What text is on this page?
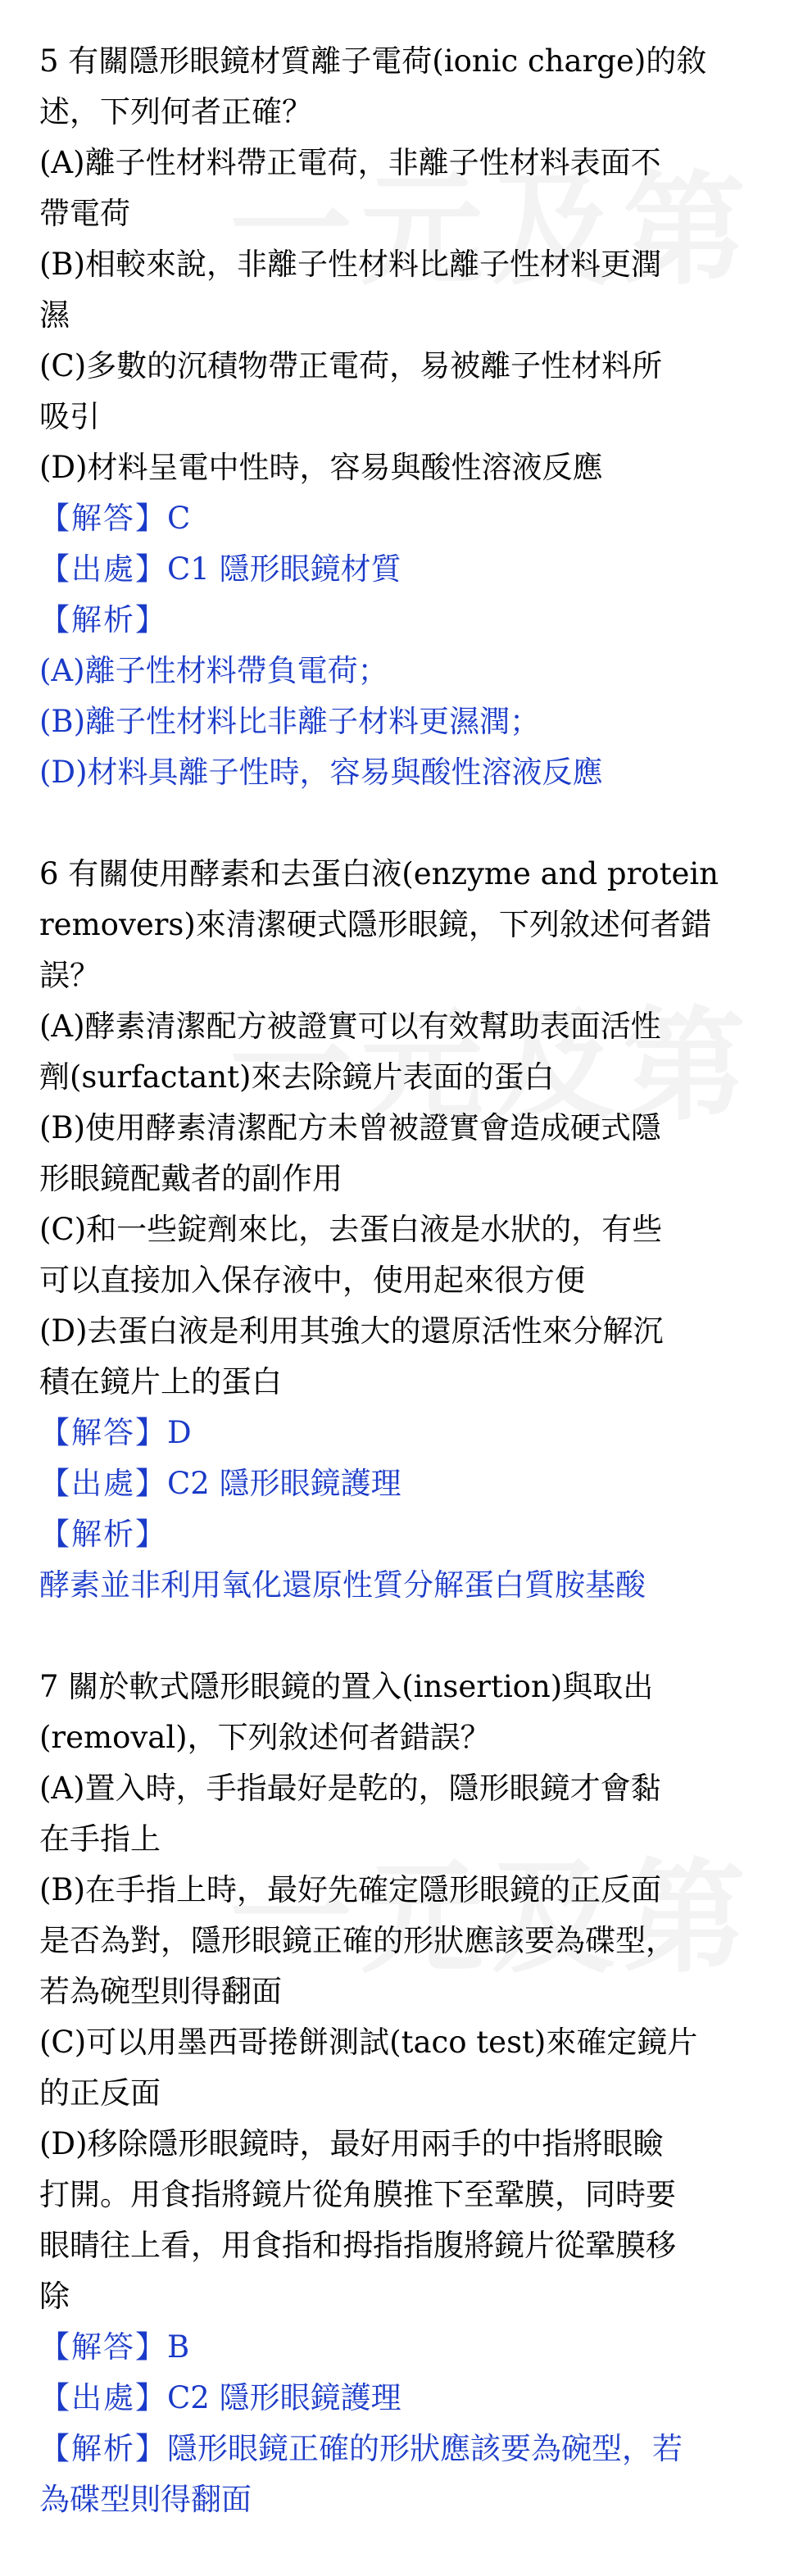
5 有關隱形眼鏡材質離子電荷(ionic charge)的敘
述，下列何者正確？
(A)離子性材料帶正電荷，非離子性材料表面不
帶電荷
(B)相較來說，非離子性材料比離子性材料更潤
濕
(C)多數的沉積物帶正電荷，易被離子性材料所
吸引
(D)材料呈電中性時，容易與酸性溶液反應
【解答】C
【出處】C1 隱形眼鏡材質
【解析】
(A)離子性材料帶負電荷；
(B)離子性材料比非離子材料更濕潤；
(D)材料具離子性時，容易與酸性溶液反應
6 有關使用酵素和去蛋白液(enzyme and protein
removers)來清潔硬式隱形眼鏡，下列敘述何者錯
誤？
(A)酵素清潔配方被證實可以有效幫助表面活性
劑(surfactant)來去除鏡片表面的蛋白
(B)使用酵素清潔配方未曾被證實會造成硬式隱
形眼鏡配戴者的副作用
(C)和一些錠劑來比，去蛋白液是水狀的，有些
可以直接加入保存液中，使用起來很方便
(D)去蛋白液是利用其強大的還原活性來分解沉
積在鏡片上的蛋白
【解答】D
【出處】C2 隱形眼鏡護理
【解析】
酵素並非利用氧化還原性質分解蛋白質胺基酸
7 關於軟式隱形眼鏡的置入(insertion)與取出
(removal)，下列敘述何者錯誤？
(A)置入時，手指最好是乾的，隱形眼鏡才會黏
在手指上
(B)在手指上時，最好先確定隱形眼鏡的正反面
是否為對，隱形眼鏡正確的形狀應該要為碟型，
若為碗型則得翻面
(C)可以用墨西哥捲餅測試(taco test)來確定鏡片
的正反面
(D)移除隱形眼鏡時，最好用兩手的中指將眼瞼
打開。用食指將鏡片從角膜推下至鞏膜，同時要
眼睛往上看，用食指和拇指指腹將鏡片從鞏膜移
除
【解答】B
【出處】C2 隱形眼鏡護理
【解析】隱形眼鏡正確的形狀應該要為碗型，若
為碟型則得翻面
